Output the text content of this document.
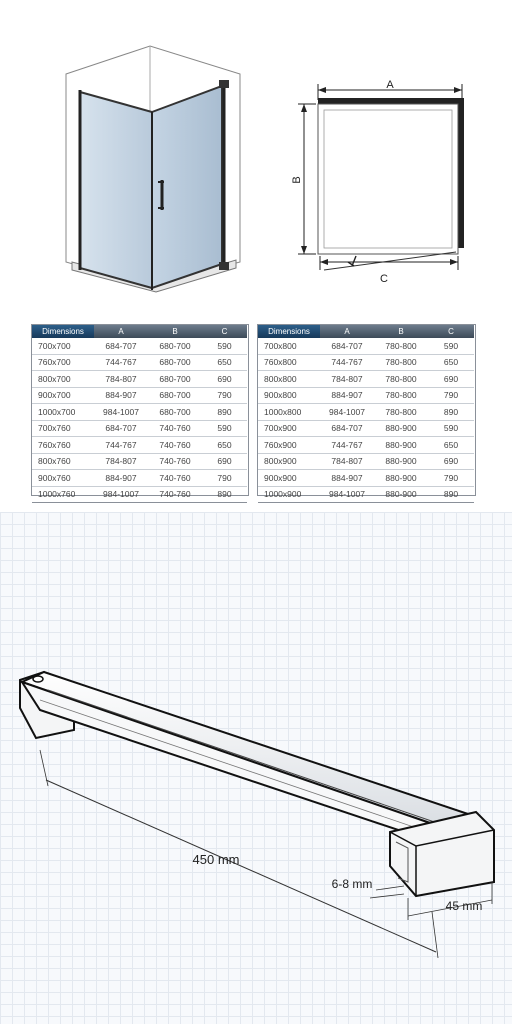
A
B
C
Dimensions	A	B	C
700x700	684-707	680-700	590
760x700	744-767	680-700	650
800x700	784-807	680-700	690
900x700	884-907	680-700	790
1000x700	984-1007	680-700	890
700x760	684-707	740-760	590
760x760	744-767	740-760	650
800x760	784-807	740-760	690
900x760	884-907	740-760	790
1000x760	984-1007	740-760	890
Dimensions	A	B	C
700x800	684-707	780-800	590
760x800	744-767	780-800	650
800x800	784-807	780-800	690
900x800	884-907	780-800	790
1000x800	984-1007	780-800	890
700x900	684-707	880-900	590
760x900	744-767	880-900	650
800x900	784-807	880-900	690
900x900	884-907	880-900	790
1000x900	984-1007	880-900	890
450 mm
6-8 mm
45 mm
